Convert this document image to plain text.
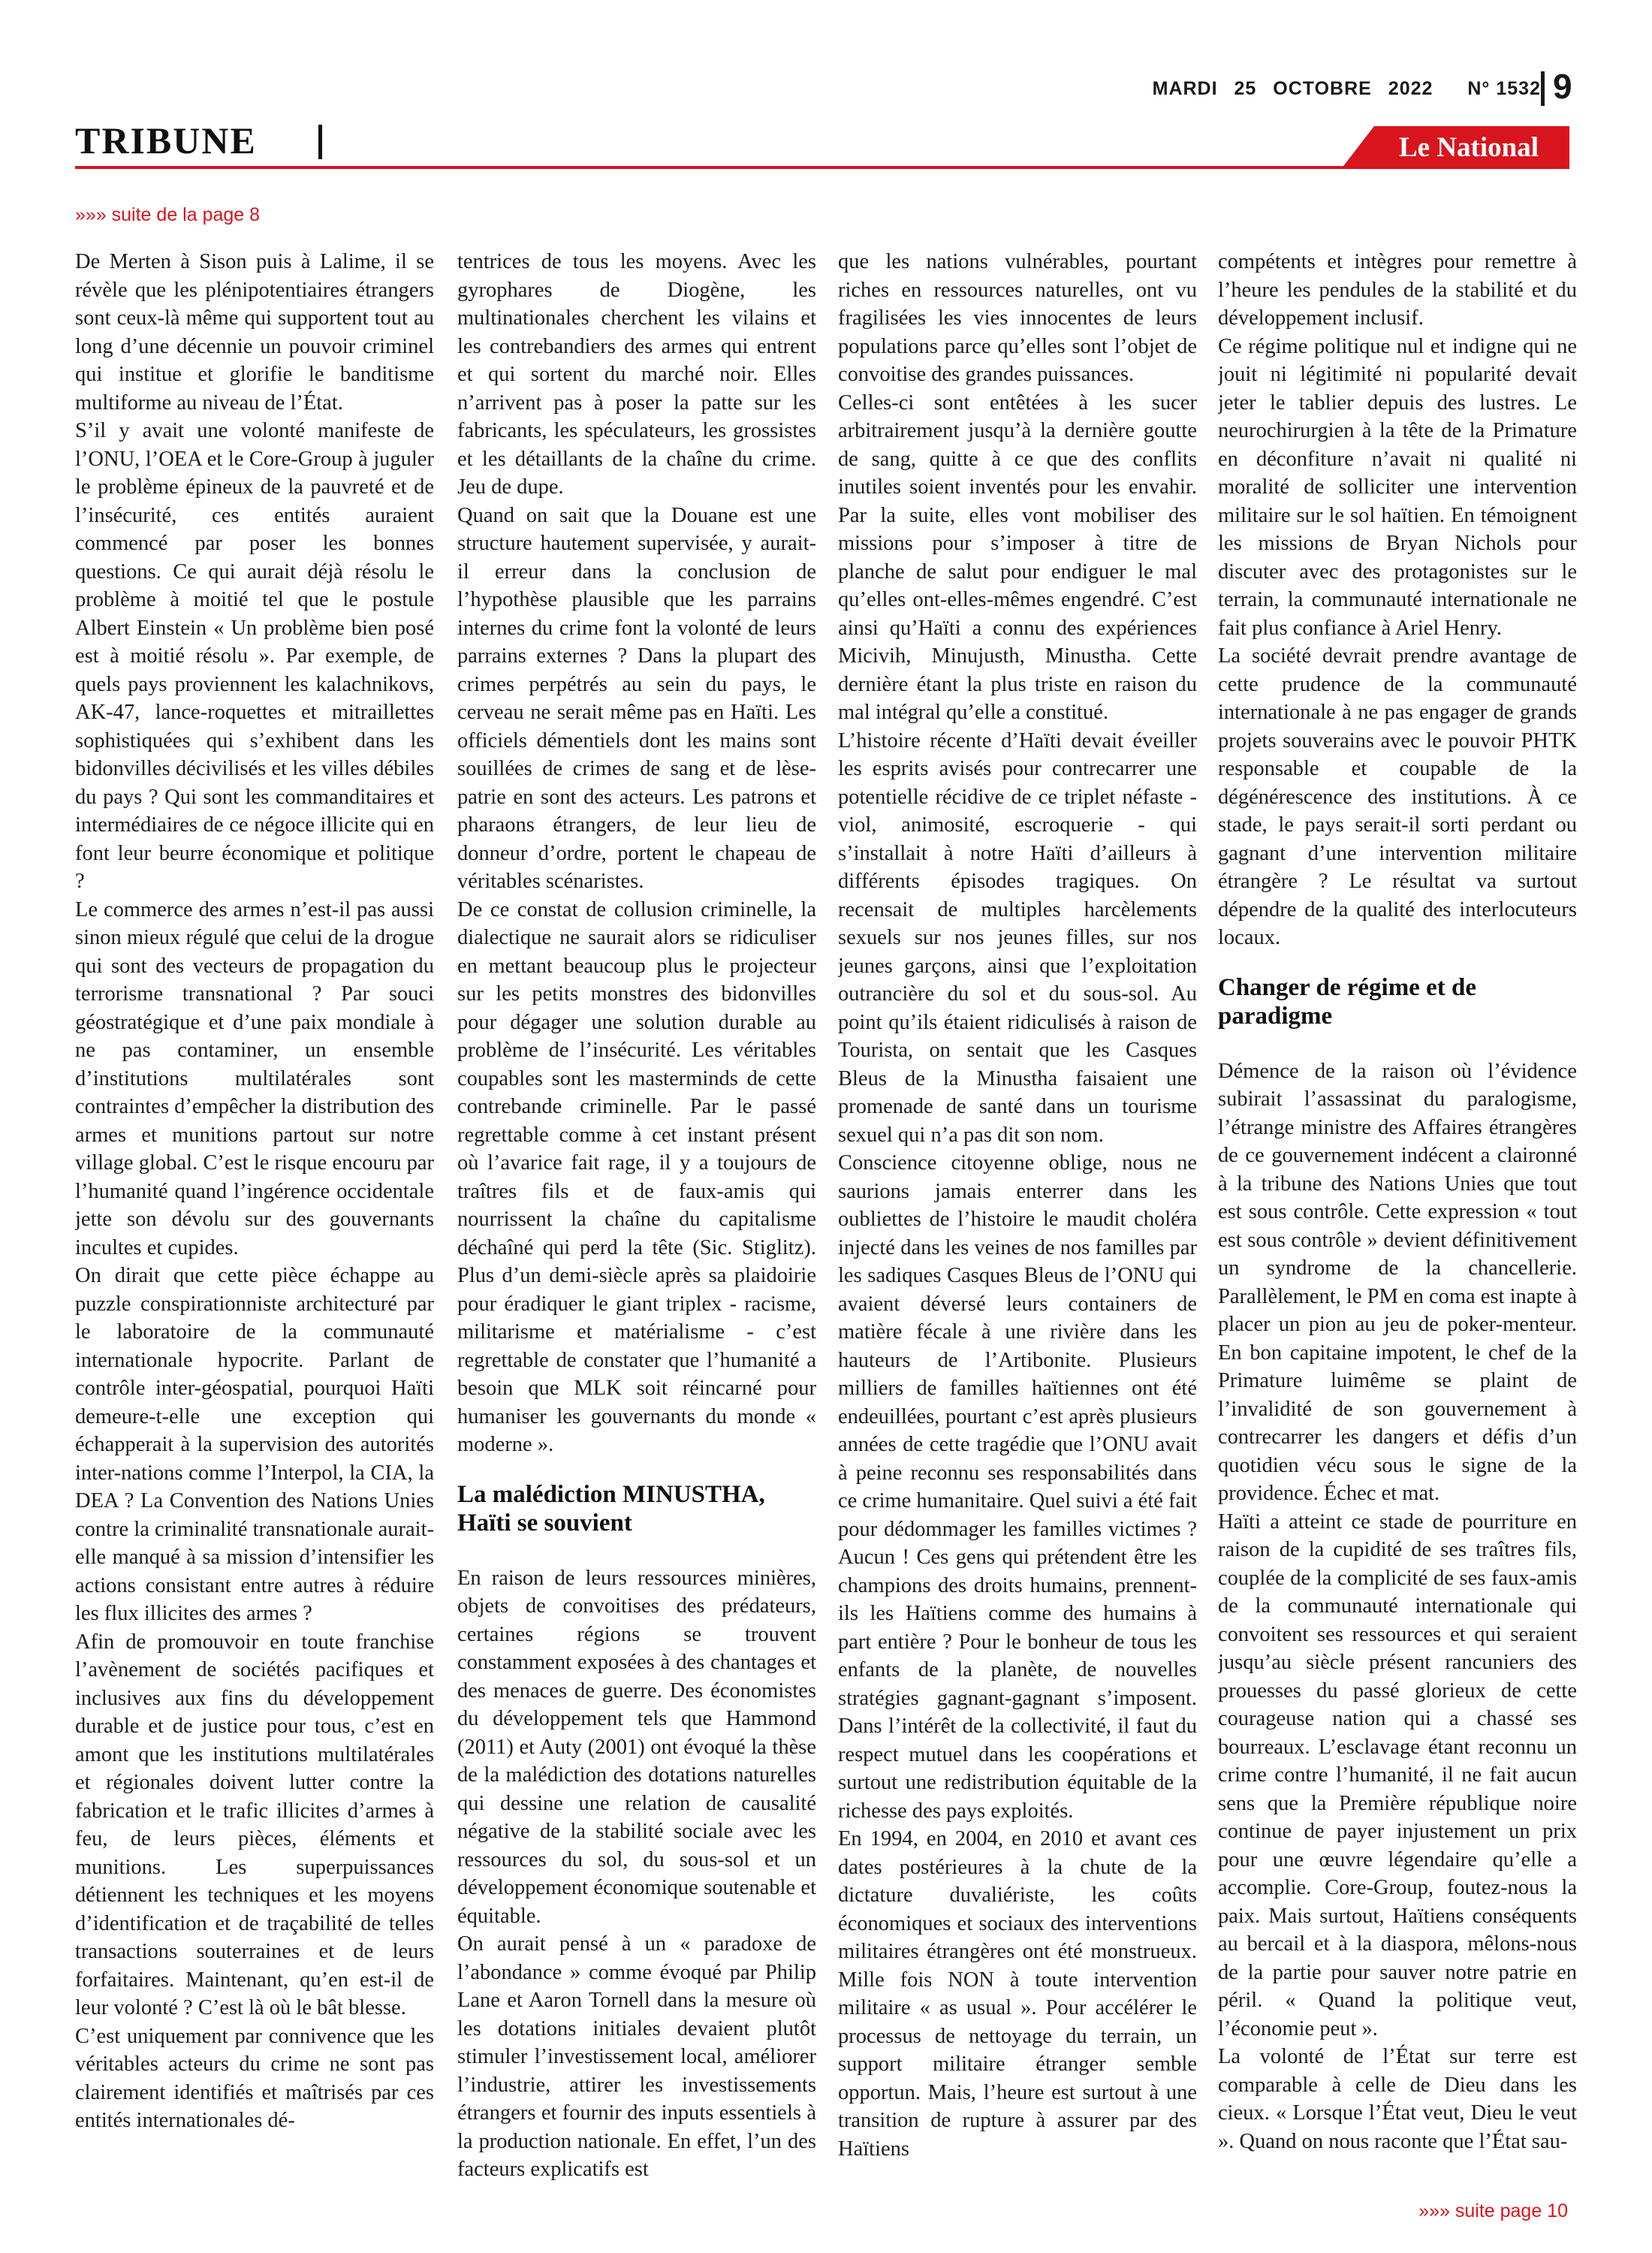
MARDI 25 OCTOBRE 2022 N° 1532 9
TRIBUNE	Le National
»»» suite de la page 8

De Merten à Sison puis à Lalime, il se révèle que les plénipotentiaires étrangers sont ceux-là même qui supportent tout au long d’une décennie un pouvoir criminel qui institue et glorifie le banditisme multiforme au niveau de l’État.

S’il y avait une volonté manifeste de l’ONU, l’OEA et le Core-Group à juguler le problème épineux de la pauvreté et de l’insécurité, ces entités auraient commencé par poser les bonnes questions. Ce qui aurait déjà résolu le problème à moitié tel que le postule Albert Einstein « Un problème bien posé est à moitié résolu ». Par exemple, de quels pays proviennent les kalachnikovs, AK-47, lance-roquettes et mitraillettes sophistiquées qui s’exhibent dans les bidonvilles décivilisés et les villes débiles du pays ? Qui sont les commanditaires et intermédiaires de ce négoce illicite qui en font leur beurre économique et politique ?

Le commerce des armes n’est-il pas aussi sinon mieux régulé que celui de la drogue qui sont des vecteurs de propagation du terrorisme transnational ? Par souci géostratégique et d’une paix mondiale à ne pas contaminer, un ensemble d’institutions multilatérales sont contraintes d’empêcher la distribution des armes et munitions partout sur notre village global. C’est le risque encouru par l’humanité quand l’ingérence occidentale jette son dévolu sur des gouvernants incultes et cupides.

On dirait que cette pièce échappe au puzzle conspirationniste architecturé par le laboratoire de la communauté internationale hypocrite. Parlant de contrôle inter-géospatial, pourquoi Haïti demeure-t-elle une exception qui échapperait à la supervision des autorités inter-nations comme l’Interpol, la CIA, la DEA ? La Convention des Nations Unies contre la criminalité transnationale aurait-elle manqué à sa mission d’intensifier les actions consistant entre autres à réduire les flux illicites des armes ?

Afin de promouvoir en toute franchise l’avènement de sociétés pacifiques et inclusives aux fins du développement durable et de justice pour tous, c’est en amont que les institutions multilatérales et régionales doivent lutter contre la fabrication et le trafic illicites d’armes à feu, de leurs pièces, éléments et munitions. Les superpuissances détiennent les techniques et les moyens d’identification et de traçabilité de telles transactions souterraines et de leurs forfaitaires. Maintenant, qu’en est-il de leur volonté ? C’est là où le bât blesse.

C’est uniquement par connivence que les véritables acteurs du crime ne sont pas clairement identifiés et maîtrisés par ces entités internationales dé-

tentrices de tous les moyens. Avec les gyrophares de Diogène, les multinationales cherchent les vilains et les contrebandiers des armes qui entrent et qui sortent du marché noir. Elles n’arrivent pas à poser la patte sur les fabricants, les spéculateurs, les grossistes et les détaillants de la chaîne du crime. Jeu de dupe.

Quand on sait que la Douane est une structure hautement supervisée, y aurait-il erreur dans la conclusion de l’hypothèse plausible que les parrains internes du crime font la volonté de leurs parrains externes ? Dans la plupart des crimes perpétrés au sein du pays, le cerveau ne serait même pas en Haïti. Les officiels démentiels dont les mains sont souillées de crimes de sang et de lèse-patrie en sont des acteurs. Les patrons et pharaons étrangers, de leur lieu de donneur d’ordre, portent le chapeau de véritables scénaristes.

De ce constat de collusion criminelle, la dialectique ne saurait alors se ridiculiser en mettant beaucoup plus le projecteur sur les petits monstres des bidonvilles pour dégager une solution durable au problème de l’insécurité. Les véritables coupables sont les masterminds de cette contrebande criminelle. Par le passé regrettable comme à cet instant présent où l’avarice fait rage, il y a toujours de traîtres fils et de faux-amis qui nourrissent la chaîne du capitalisme déchaîné qui perd la tête (Sic. Stiglitz). Plus d’un demi-siècle après sa plaidoirie pour éradiquer le giant triplex - racisme, militarisme et matérialisme - c’est regrettable de constater que l’humanité a besoin que MLK soit réincarné pour humaniser les gouvernants du monde « moderne ».

La malédiction MINUSTHA, Haïti se souvient

En raison de leurs ressources minières, objets de convoitises des prédateurs, certaines régions se trouvent constamment exposées à des chantages et des menaces de guerre. Des économistes du développement tels que Hammond (2011) et Auty (2001) ont évoqué la thèse de la malédiction des dotations naturelles qui dessine une relation de causalité négative de la stabilité sociale avec les ressources du sol, du sous-sol et un développement économique soutenable et équitable.

On aurait pensé à un « paradoxe de l’abondance » comme évoqué par Philip Lane et Aaron Tornell dans la mesure où les dotations initiales devaient plutôt stimuler l’investissement local, améliorer l’industrie, attirer les investissements étrangers et fournir des inputs essentiels à la production nationale. En effet, l’un des facteurs explicatifs est

que les nations vulnérables, pourtant riches en ressources naturelles, ont vu fragilisées les vies innocentes de leurs populations parce qu’elles sont l’objet de convoitise des grandes puissances.

Celles-ci sont entêtées à les sucer arbitrairement jusqu’à la dernière goutte de sang, quitte à ce que des conflits inutiles soient inventés pour les envahir. Par la suite, elles vont mobiliser des missions pour s’imposer à titre de planche de salut pour endiguer le mal qu’elles ont-elles-mêmes engendré. C’est ainsi qu’Haïti a connu des expériences Micivih, Minujusth, Minustha. Cette dernière étant la plus triste en raison du mal intégral qu’elle a constitué.

L’histoire récente d’Haïti devait éveiller les esprits avisés pour contrecarrer une potentielle récidive de ce triplet néfaste - viol, animosité, escroquerie - qui s’installait à notre Haïti d’ailleurs à différents épisodes tragiques. On recensait de multiples harcèlements sexuels sur nos jeunes filles, sur nos jeunes garçons, ainsi que l’exploitation outrancière du sol et du sous-sol. Au point qu’ils étaient ridiculisés à raison de Tourista, on sentait que les Casques Bleus de la Minustha faisaient une promenade de santé dans un tourisme sexuel qui n’a pas dit son nom.

Conscience citoyenne oblige, nous ne saurions jamais enterrer dans les oubliettes de l’histoire le maudit choléra injecté dans les veines de nos familles par les sadiques Casques Bleus de l’ONU qui avaient déversé leurs containers de matière fécale à une rivière dans les hauteurs de l’Artibonite. Plusieurs milliers de familles haïtiennes ont été endeuillées, pourtant c’est après plusieurs années de cette tragédie que l’ONU avait à peine reconnu ses responsabilités dans ce crime humanitaire. Quel suivi a été fait pour dédommager les familles victimes ? Aucun ! Ces gens qui prétendent être les champions des droits humains, prennent-ils les Haïtiens comme des humains à part entière ? Pour le bonheur de tous les enfants de la planète, de nouvelles stratégies gagnant-gagnant s’imposent. Dans l’intérêt de la collectivité, il faut du respect mutuel dans les coopérations et surtout une redistribution équitable de la richesse des pays exploités.

En 1994, en 2004, en 2010 et avant ces dates postérieures à la chute de la dictature duvaliériste, les coûts économiques et sociaux des interventions militaires étrangères ont été monstrueux. Mille fois NON à toute intervention militaire « as usual ». Pour accélérer le processus de nettoyage du terrain, un support militaire étranger semble opportun. Mais, l’heure est surtout à une transition de rupture à assurer par des Haïtiens

compétents et intègres pour remettre à l’heure les pendules de la stabilité et du développement inclusif.

Ce régime politique nul et indigne qui ne jouit ni légitimité ni popularité devait jeter le tablier depuis des lustres. Le neurochirurgien à la tête de la Primature en déconfiture n’avait ni qualité ni moralité de solliciter une intervention militaire sur le sol haïtien. En témoignent les missions de Bryan Nichols pour discuter avec des protagonistes sur le terrain, la communauté internationale ne fait plus confiance à Ariel Henry.

La société devrait prendre avantage de cette prudence de la communauté internationale à ne pas engager de grands projets souverains avec le pouvoir PHTK responsable et coupable de la dégénérescence des institutions. À ce stade, le pays serait-il sorti perdant ou gagnant d’une intervention militaire étrangère ? Le résultat va surtout dépendre de la qualité des interlocuteurs locaux.

Changer de régime et de paradigme

Démence de la raison où l’évidence subirait l’assassinat du paralogisme, l’étrange ministre des Affaires étrangères de ce gouvernement indécent a claironné à la tribune des Nations Unies que tout est sous contrôle. Cette expression « tout est sous contrôle » devient définitivement un syndrome de la chancellerie. Parallèlement, le PM en coma est inapte à placer un pion au jeu de poker-menteur. En bon capitaine impotent, le chef de la Primature luimême se plaint de l’invalidité de son gouvernement à contrecarrer les dangers et défis d’un quotidien vécu sous le signe de la providence. Échec et mat.

Haïti a atteint ce stade de pourriture en raison de la cupidité de ses traîtres fils, couplée de la complicité de ses faux-amis de la communauté internationale qui convoitent ses ressources et qui seraient jusqu’au siècle présent rancuniers des prouesses du passé glorieux de cette courageuse nation qui a chassé ses bourreaux. L’esclavage étant reconnu un crime contre l’humanité, il ne fait aucun sens que la Première république noire continue de payer injustement un prix pour une œuvre légendaire qu’elle a accomplie. Core-Group, foutez-nous la paix. Mais surtout, Haïtiens conséquents au bercail et à la diaspora, mêlons-nous de la partie pour sauver notre patrie en péril. « Quand la politique veut, l’économie peut ».

La volonté de l’État sur terre est comparable à celle de Dieu dans les cieux. « Lorsque l’État veut, Dieu le veut ». Quand on nous raconte que l’État sau-

»»» suite page 10
